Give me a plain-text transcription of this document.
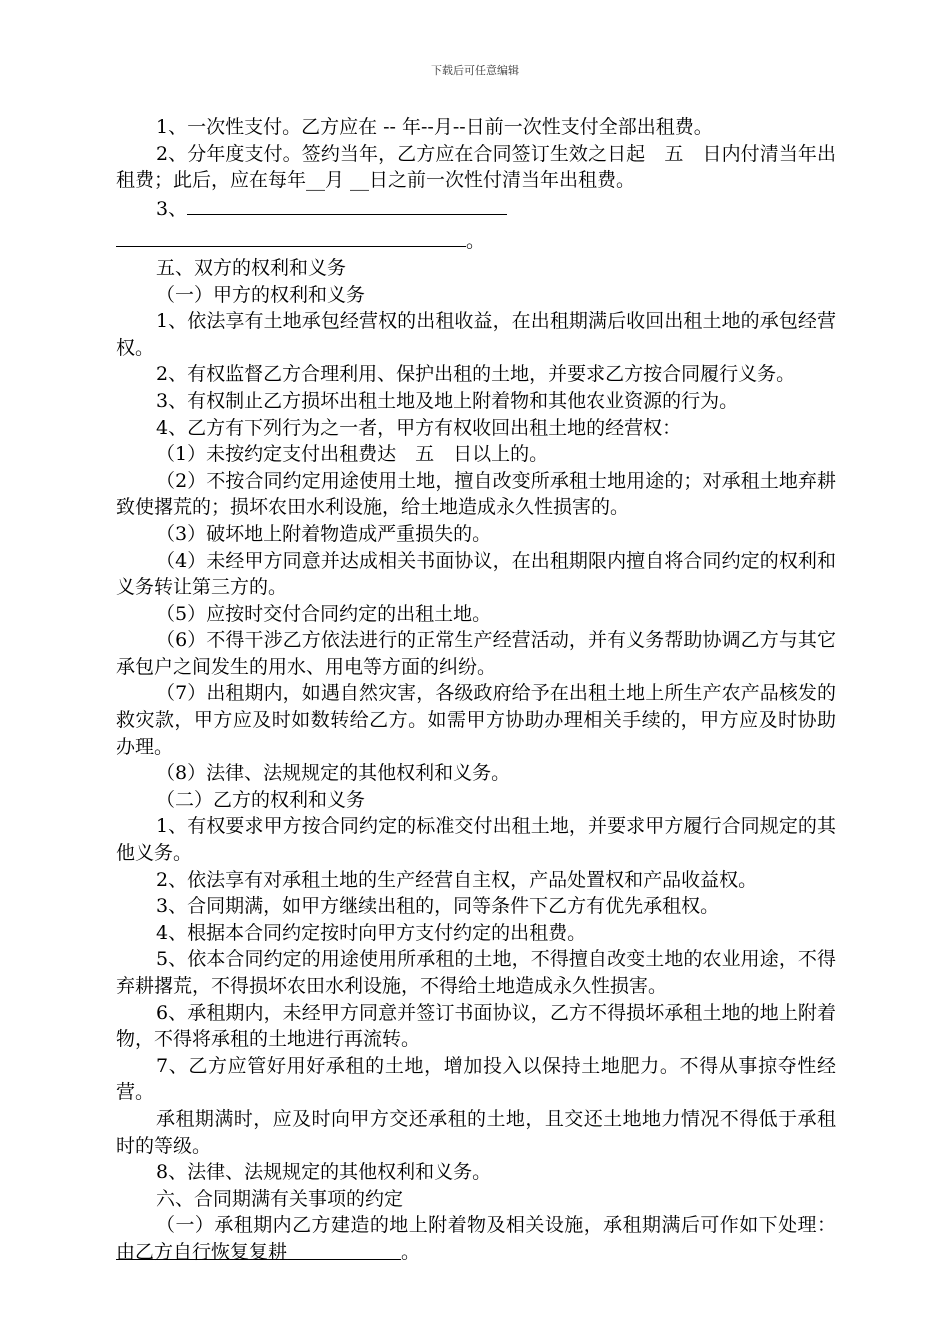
下载后可任意编辑

1、一次性支付。乙方应在 -- 年--月--日前一次性支付全部出租费。

2、分年度支付。签约当年，乙方应在合同签订生效之日起　五　日内付清当年出租费；此后，应在每年__月 __日之前一次性付清当年出租费。

3、

。

五、双方的权利和义务

（一）甲方的权利和义务

1、依法享有土地承包经营权的出租收益，在出租期满后收回出租土地的承包经营权。

2、有权监督乙方合理利用、保护出租的土地，并要求乙方按合同履行义务。

3、有权制止乙方损坏出租土地及地上附着物和其他农业资源的行为。

4、乙方有下列行为之一者，甲方有权收回出租土地的经营权：

（1）未按约定支付出租费达　五　日以上的。

（2）不按合同约定用途使用土地，擅自改变所承租士地用途的；对承租土地弃耕致使撂荒的；损坏农田水利设施，给土地造成永久性损害的。

（3）破坏地上附着物造成严重损失的。

（4）未经甲方同意并达成相关书面协议，在出租期限内擅自将合同约定的权利和义务转让第三方的。

（5）应按时交付合同约定的出租土地。

（6）不得干涉乙方依法进行的正常生产经营活动，并有义务帮助协调乙方与其它承包户之间发生的用水、用电等方面的纠纷。

（7）出租期内，如遇自然灾害，各级政府给予在出租土地上所生产农产品核发的救灾款，甲方应及时如数转给乙方。如需甲方协助办理相关手续的，甲方应及时协助办理。

（8）法律、法规规定的其他权利和义务。

（二）乙方的权利和义务

1、有权要求甲方按合同约定的标准交付出租土地，并要求甲方履行合同规定的其他义务。

2、依法享有对承租土地的生产经营自主权，产品处置权和产品收益权。

3、合同期满，如甲方继续出租的，同等条件下乙方有优先承租权。

4、根据本合同约定按时向甲方支付约定的出租费。

5、依本合同约定的用途使用所承租的土地，不得擅自改变土地的农业用途，不得弃耕撂荒，不得损坏农田水利设施，不得给土地造成永久性损害。

6、承租期内，未经甲方同意并签订书面协议，乙方不得损坏承租土地的地上附着物，不得将承租的土地进行再流转。

7、乙方应管好用好承租的土地，增加投入以保持土地肥力。不得从事掠夺性经营。

承租期满时，应及时向甲方交还承租的土地，且交还土地地力情况不得低于承租时的等级。

8、法律、法规规定的其他权利和义务。

六、合同期满有关事项的约定

（一）承租期内乙方建造的地上附着物及相关设施，承租期满后可作如下处理：由乙方自行恢复复耕　　　　　　	。
